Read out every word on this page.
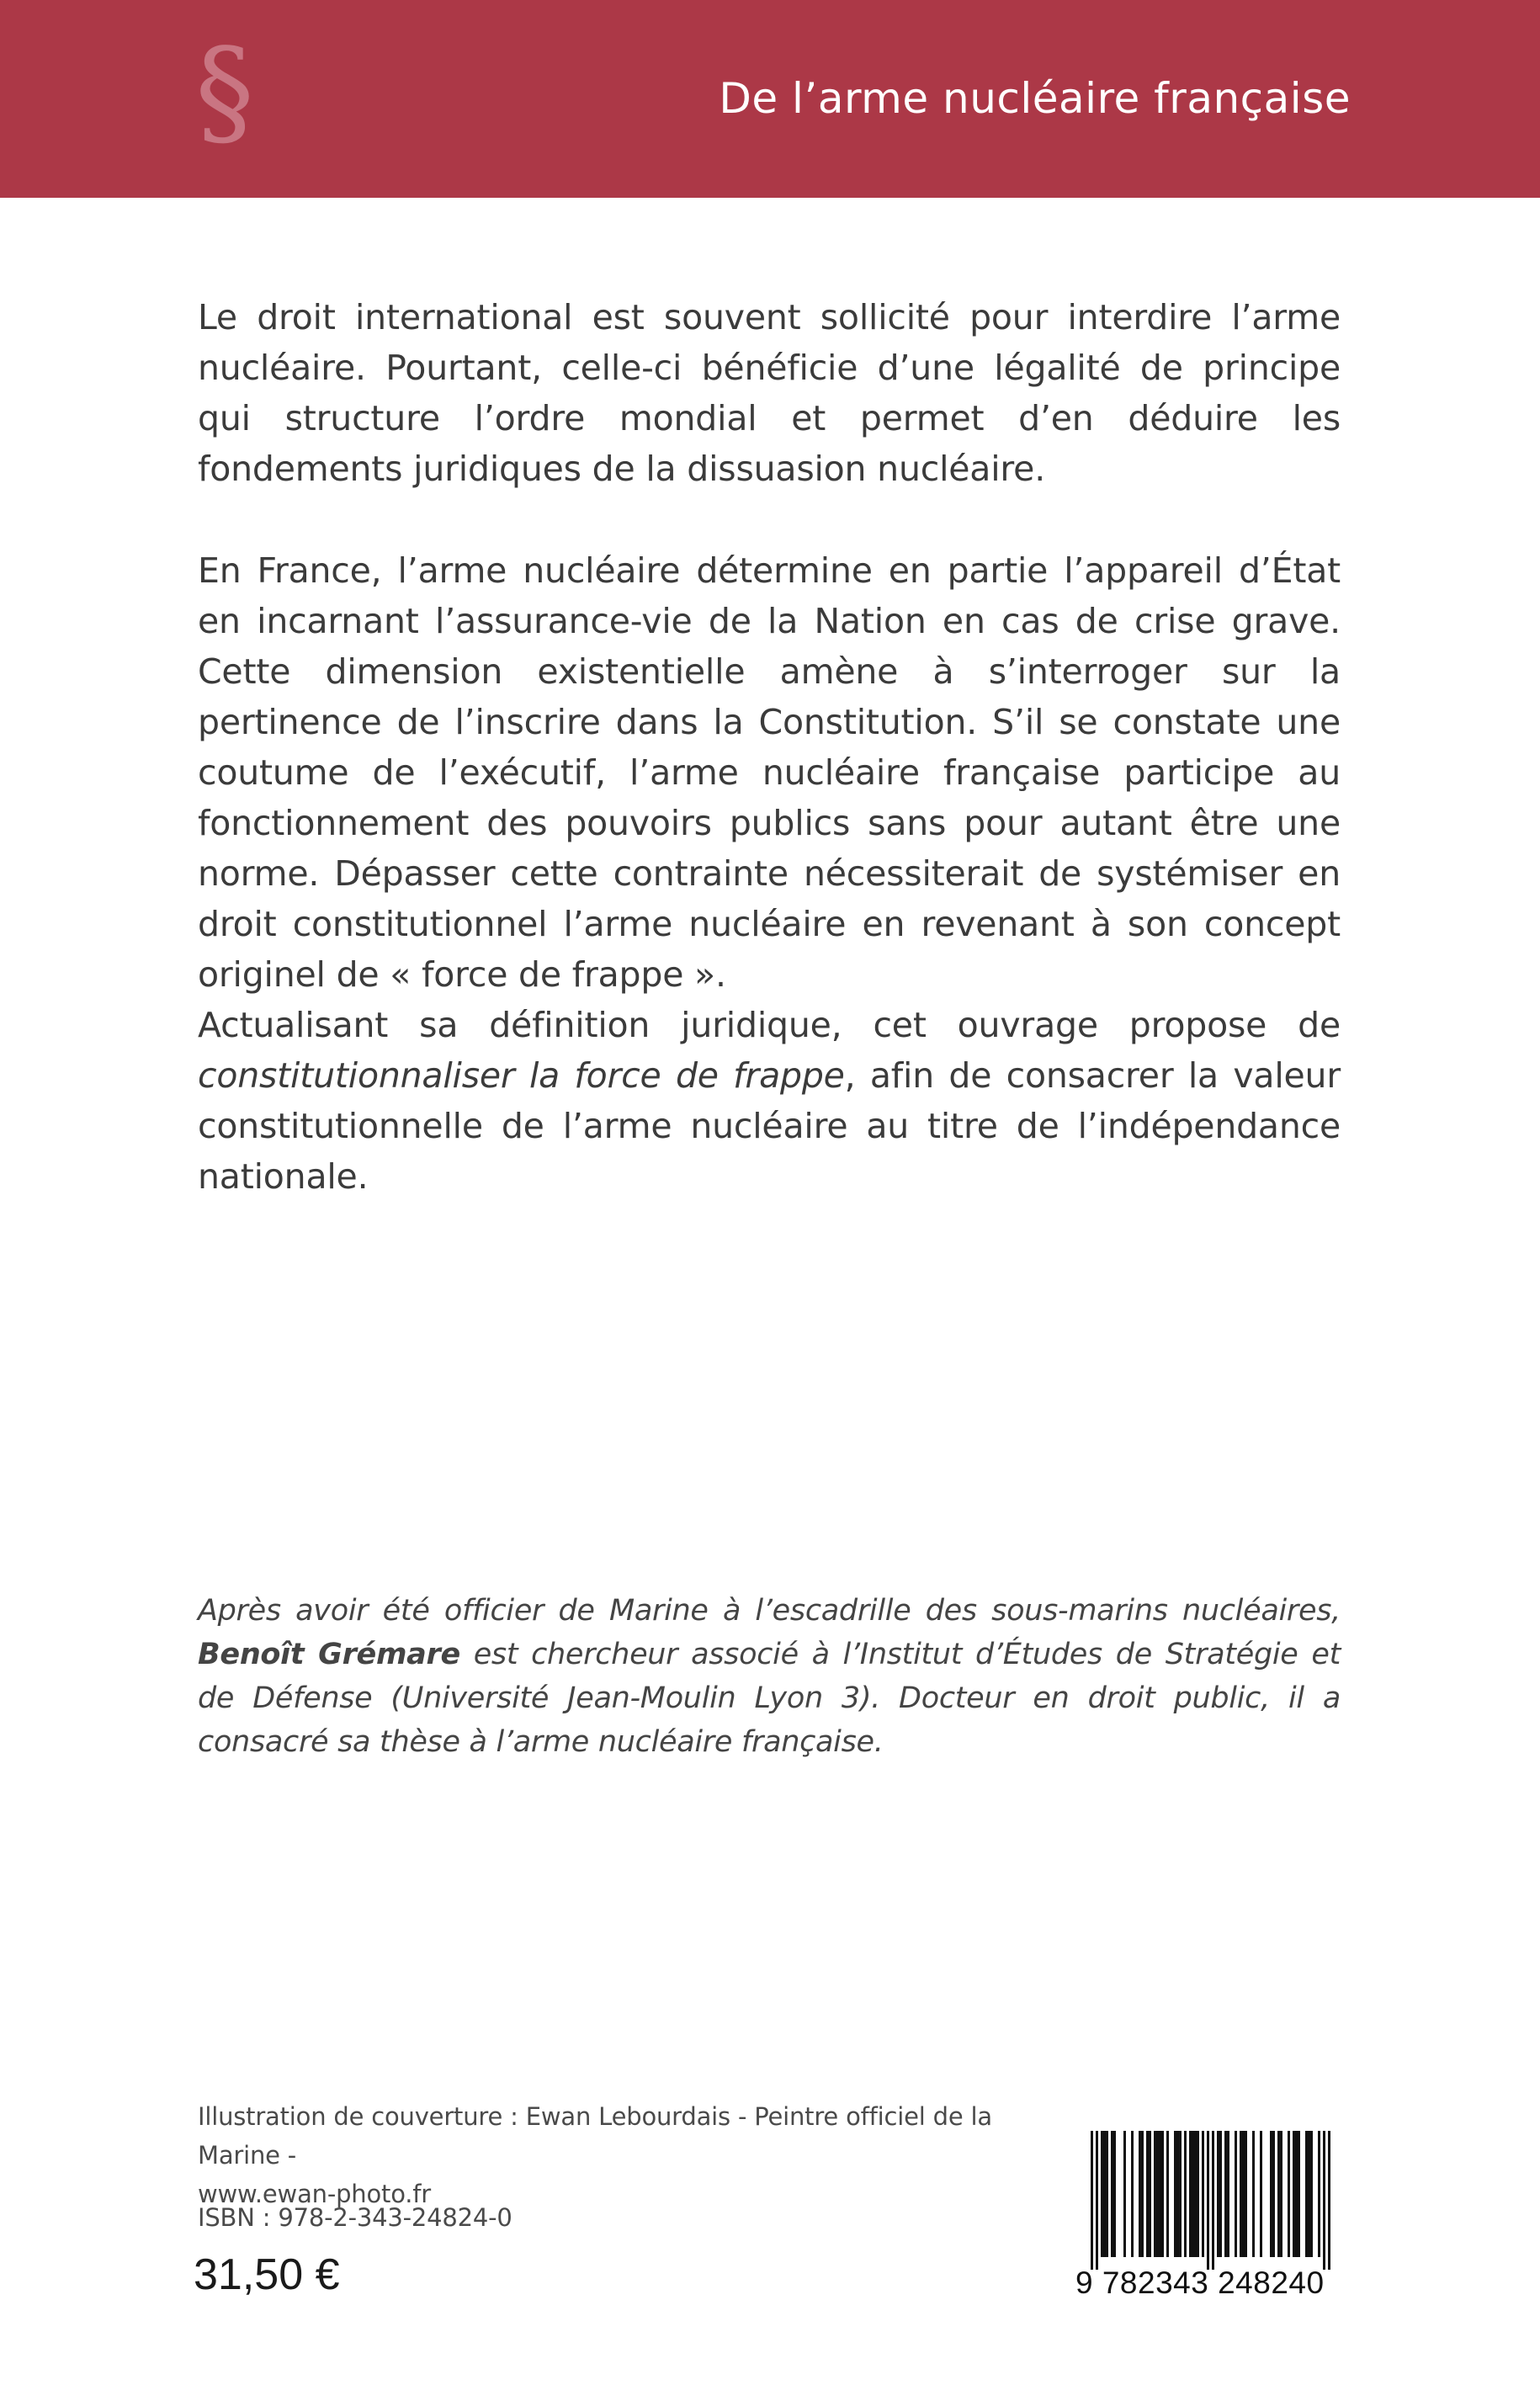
§	De l’arme nucléaire française

Le droit international est souvent sollicité pour interdire l’arme nucléaire. Pourtant, celle-ci bénéficie d’une légalité de principe qui structure l’ordre mondial et permet d’en déduire les fondements juridiques de la dissuasion nucléaire.

En France, l’arme nucléaire détermine en partie l’appareil d’État en incarnant l’assurance-vie de la Nation en cas de crise grave. Cette dimension existentielle amène à s’interroger sur la pertinence de l’inscrire dans la Constitution. S’il se constate une coutume de l’exécutif, l’arme nucléaire française participe au fonctionnement des pouvoirs publics sans pour autant être une norme. Dépasser cette contrainte nécessiterait de systémiser en droit constitutionnel l’arme nucléaire en revenant à son concept originel de « force de frappe ».

Actualisant sa définition juridique, cet ouvrage propose de constitutionnaliser la force de frappe, afin de consacrer la valeur constitutionnelle de l’arme nucléaire au titre de l’indépendance nationale.

Après avoir été officier de Marine à l’escadrille des sous-marins nucléaires, Benoît Grémare est chercheur associé à l’Institut d’Études de Stratégie et de Défense (Université Jean-Moulin Lyon 3). Docteur en droit public, il a consacré sa thèse à l’arme nucléaire française.

Illustration de couverture : Ewan Lebourdais - Peintre officiel de la Marine -
www.ewan-photo.fr
ISBN : 978-2-343-24824-0
31,50 €	9 782343 248240
